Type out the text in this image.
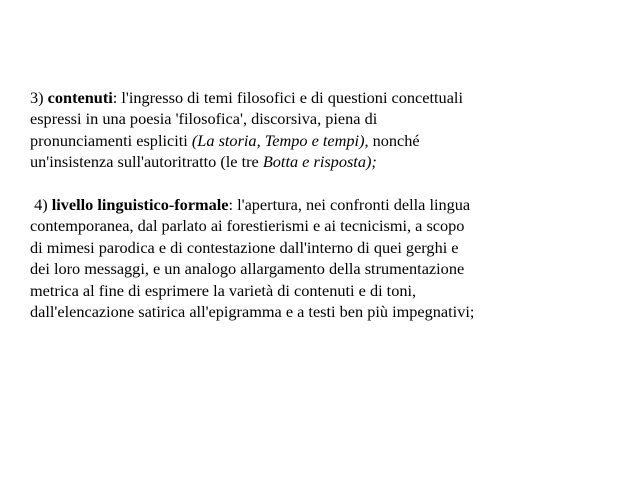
3) contenuti: l'ingresso di temi filosofici e di questioni concettuali
espressi in una poesia 'filosofica', discorsiva, piena di
pronunciamenti espliciti (La storia, Tempo e tempi), nonché
un'insistenza sull'autoritratto (le tre Botta e risposta);

4) livello linguistico-formale: l'apertura, nei confronti della lingua
contemporanea, dal parlato ai forestierismi e ai tecnicismi, a scopo
di mimesi parodica e di contestazione dall'interno di quei gerghi e
dei loro messaggi, e un analogo allargamento della strumentazione
metrica al fine di esprimere la varietà di contenuti e di toni,
dall'elencazione satirica all'epigramma e a testi ben più impegnativi;
